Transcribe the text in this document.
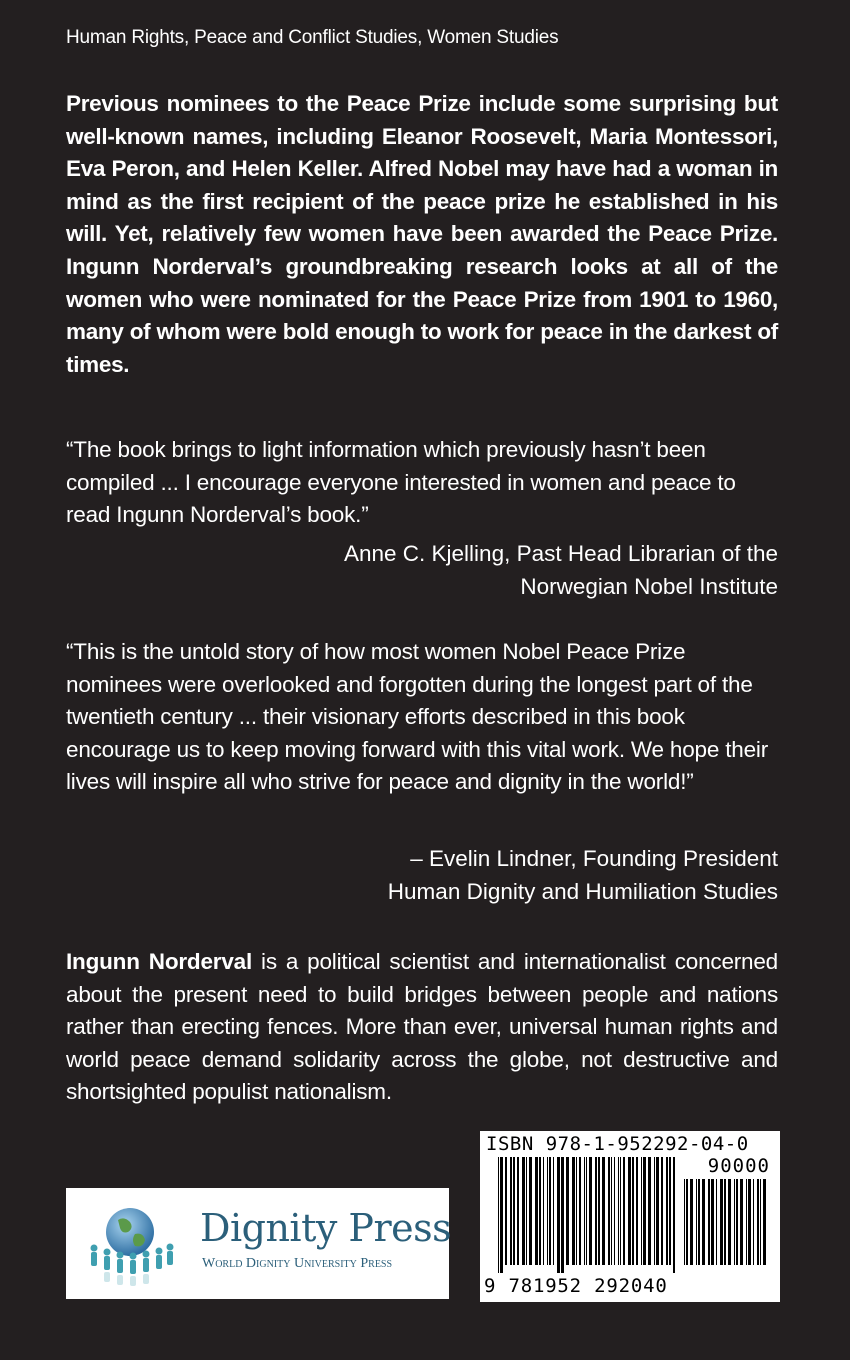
Human Rights, Peace and Conflict Studies, Women Studies

Previous nominees to the Peace Prize include some surprising but well-known names, including Eleanor Roosevelt, Maria Montessori, Eva Peron, and Helen Keller. Alfred Nobel may have had a woman in mind as the first recipient of the peace prize he established in his will. Yet, relatively few women have been awarded the Peace Prize. Ingunn Norderval’s groundbreaking research looks at all of the women who were nominated for the Peace Prize from 1901 to 1960, many of whom were bold enough to work for peace in the darkest of times.

“The book brings to light information which previously hasn’t been compiled ... I encourage everyone interested in women and peace to read Ingunn Norderval’s book.”

Anne C. Kjelling, Past Head Librarian of the
Norwegian Nobel Institute

“This is the untold story of how most women Nobel Peace Prize nominees were overlooked and forgotten during the longest part of the twentieth century ... their visionary efforts described in this book encourage us to keep moving forward with this vital work. We hope their lives will inspire all who strive for peace and dignity in the world!”

– Evelin Lindner, Founding President
Human Dignity and Humiliation Studies

Ingunn Norderval is a political scientist and internationalist concerned about the present need to build bridges between people and nations rather than erecting fences. More than ever, universal human rights and world peace demand solidarity across the globe, not destructive and shortsighted populist nationalism.

Dignity Press
World Dignity University Press
ISBN 978-1-952292-04-0
90000
9 781952 292040
